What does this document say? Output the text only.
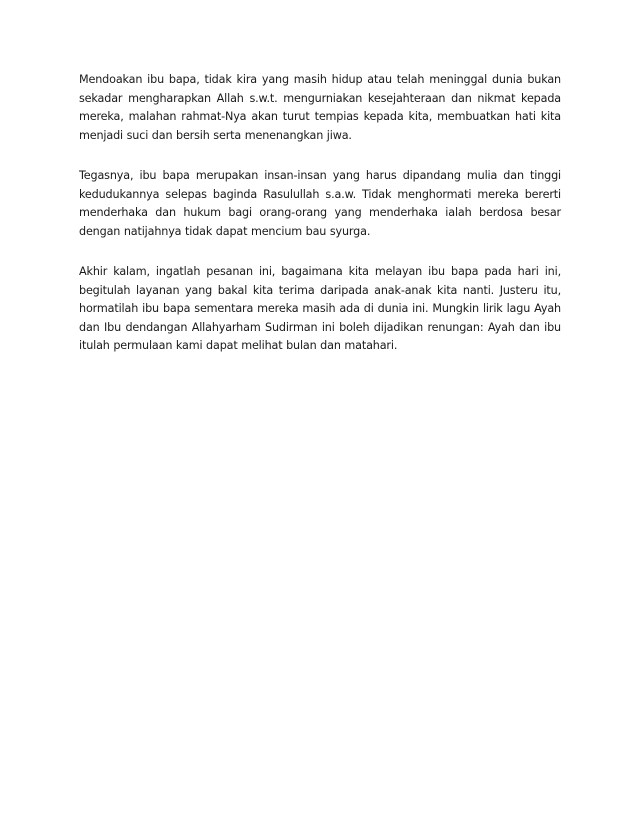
Mendoakan ibu bapa, tidak kira yang masih hidup atau telah meninggal dunia bukan sekadar mengharapkan Allah s.w.t. mengurniakan kesejahteraan dan nikmat kepada mereka, malahan rahmat-Nya akan turut tempias kepada kita, membuatkan hati kita menjadi suci dan bersih serta menenangkan jiwa.

Tegasnya, ibu bapa merupakan insan-insan yang harus dipandang mulia dan tinggi kedudukannya selepas baginda Rasulullah s.a.w. Tidak menghormati mereka bererti menderhaka dan hukum bagi orang-orang yang menderhaka ialah berdosa besar dengan natijahnya tidak dapat mencium bau syurga.

Akhir kalam, ingatlah pesanan ini, bagaimana kita melayan ibu bapa pada hari ini, begitulah layanan yang bakal kita terima daripada anak-anak kita nanti. Justeru itu, hormatilah ibu bapa sementara mereka masih ada di dunia ini. Mungkin lirik lagu Ayah dan Ibu dendangan Allahyarham Sudirman ini boleh dijadikan renungan: Ayah dan ibu itulah permulaan kami dapat melihat bulan dan matahari.
